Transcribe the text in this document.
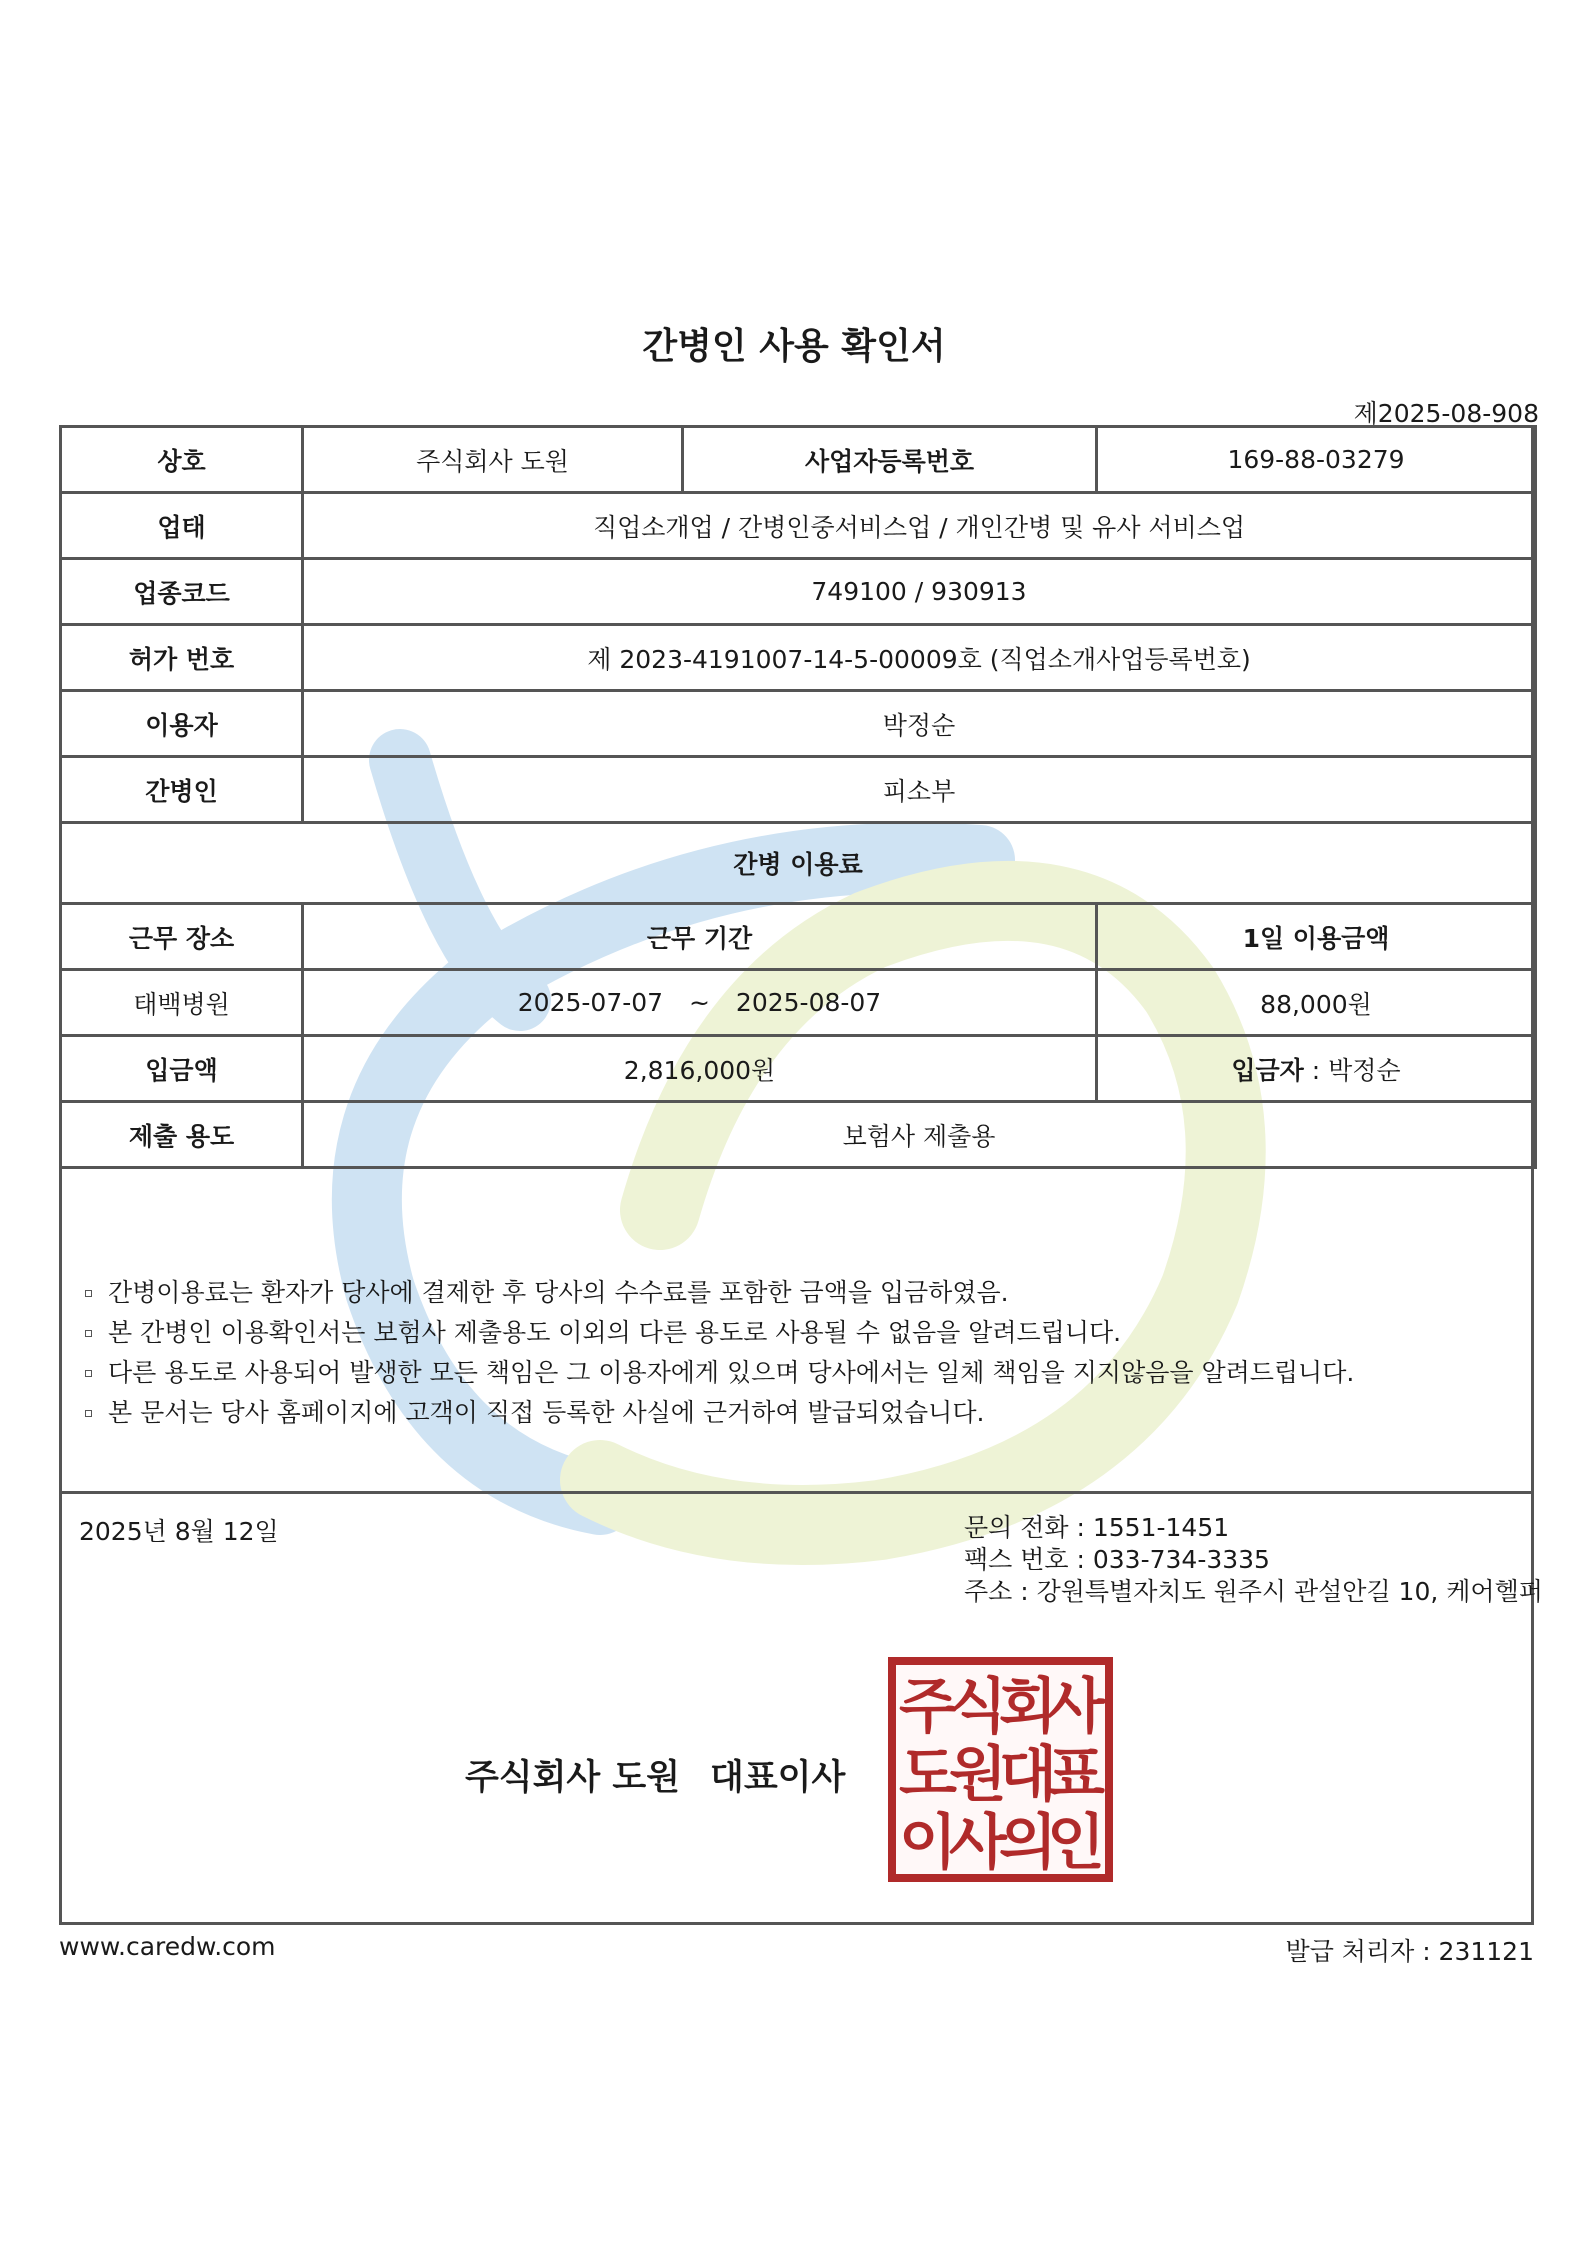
간병인 사용 확인서
제2025-08-908
상호	주식회사 도원	사업자등록번호	169-88-03279
업태	직업소개업 / 간병인중서비스업 / 개인간병 및 유사 서비스업		
업종코드	749100 / 930913		
허가 번호	제 2023-4191007-14-5-00009호 (직업소개사업등록번호)		
이용자	박정순		
간병인	피소부		
간병 이용료			
근무 장소	근무 기간		1일 이용금액
태백병원	2025-07-07 ~ 2025-08-07		88,000원
입금액	2,816,000원		입금자 : 박정순
제출 용도	보험사 제출용		
간병이용료는 환자가 당사에 결제한 후 당사의 수수료를 포함한 금액을 입금하였음.
본 간병인 이용확인서는 보험사 제출용도 이외의 다른 용도로 사용될 수 없음을 알려드립니다.
다른 용도로 사용되어 발생한 모든 책임은 그 이용자에게 있으며 당사에서는 일체 책임을 지지않음을 알려드립니다.
본 문서는 당사 홈페이지에 고객이 직접 등록한 사실에 근거하여 발급되었습니다.
2025년 8월 12일	문의 전화 : 1551-1451
팩스 번호 : 033-734-3335
주소 : 강원특별자치도 원주시 관설안길 10, 케어헬퍼
주식회사 도원 대표이사
주
식
회
사
도
원
대
표
이
사
의
인
www.caredw.com	발급 처리자 : 231121
